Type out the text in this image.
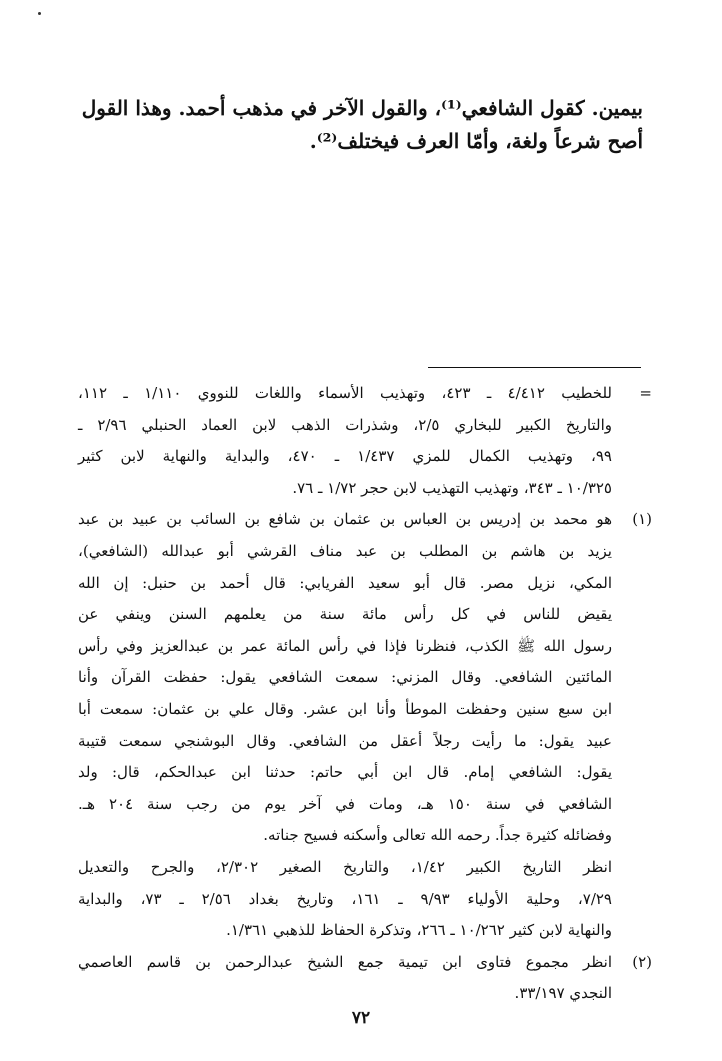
بيمين. كقول الشافعي⁽¹⁾، والقول الآخر في مذهب أحمد. وهذا القول

أصح شرعاً ولغة، وأمّا العرف فيختلف⁽²⁾.

=
للخطيب ٤/٤١٢ ـ ٤٢٣، وتهذيب الأسماء واللغات للنووي ١/١١٠ ـ ١١٢،
والتاريخ الكبير للبخاري ٢/٥، وشذرات الذهب لابن العماد الحنبلي ٢/٩٦ ـ
٩٩، وتهذيب الكمال للمزي ١/٤٣٧ ـ ٤٧٠، والبداية والنهاية لابن كثير
١٠/٣٢٥ ـ ٣٤٣، وتهذيب التهذيب لابن حجر ١/٧٢ ـ ٧٦.
(١)
هو محمد بن إدريس بن العباس بن عثمان بن شافع بن السائب بن عبيد بن عبد
يزيد بن هاشم بن المطلب بن عبد مناف القرشي أبو عبدالله (الشافعي)،
المكي، نزيل مصر. قال أبو سعيد الفريابي: قال أحمد بن حنبل: إن الله
يقيض للناس في كل رأس مائة سنة من يعلمهم السنن وينفي عن
رسول الله ﷺ الكذب، فنظرنا فإذا في رأس المائة عمر بن عبدالعزيز وفي رأس
المائتين الشافعي. وقال المزني: سمعت الشافعي يقول: حفظت القرآن وأنا
ابن سبع سنين وحفظت الموطأ وأنا ابن عشر. وقال علي بن عثمان: سمعت أبا
عبيد يقول: ما رأيت رجلاً أعقل من الشافعي. وقال البوشنجي سمعت قتيبة
يقول: الشافعي إمام. قال ابن أبي حاتم: حدثنا ابن عبدالحكم، قال: ولد
الشافعي في سنة ١٥٠ هـ، ومات في آخر يوم من رجب سنة ٢٠٤ هـ.
وفضائله كثيرة جداً. رحمه الله تعالى وأسكنه فسيح جناته.
انظر التاريخ الكبير ١/٤٢، والتاريخ الصغير ٢/٣٠٢، والجرح والتعديل
٧/٢٩، وحلية الأولياء ٩/٩٣ ـ ١٦١، وتاريخ بغداد ٢/٥٦ ـ ٧٣، والبداية
والنهاية لابن كثير ١٠/٢٦٢ ـ ٢٦٦، وتذكرة الحفاظ للذهبي ١/٣٦١.
(٢)
انظر مجموع فتاوى ابن تيمية جمع الشيخ عبدالرحمن بن قاسم العاصمي
النجدي ٣٣/١٩٧.
٧٢
